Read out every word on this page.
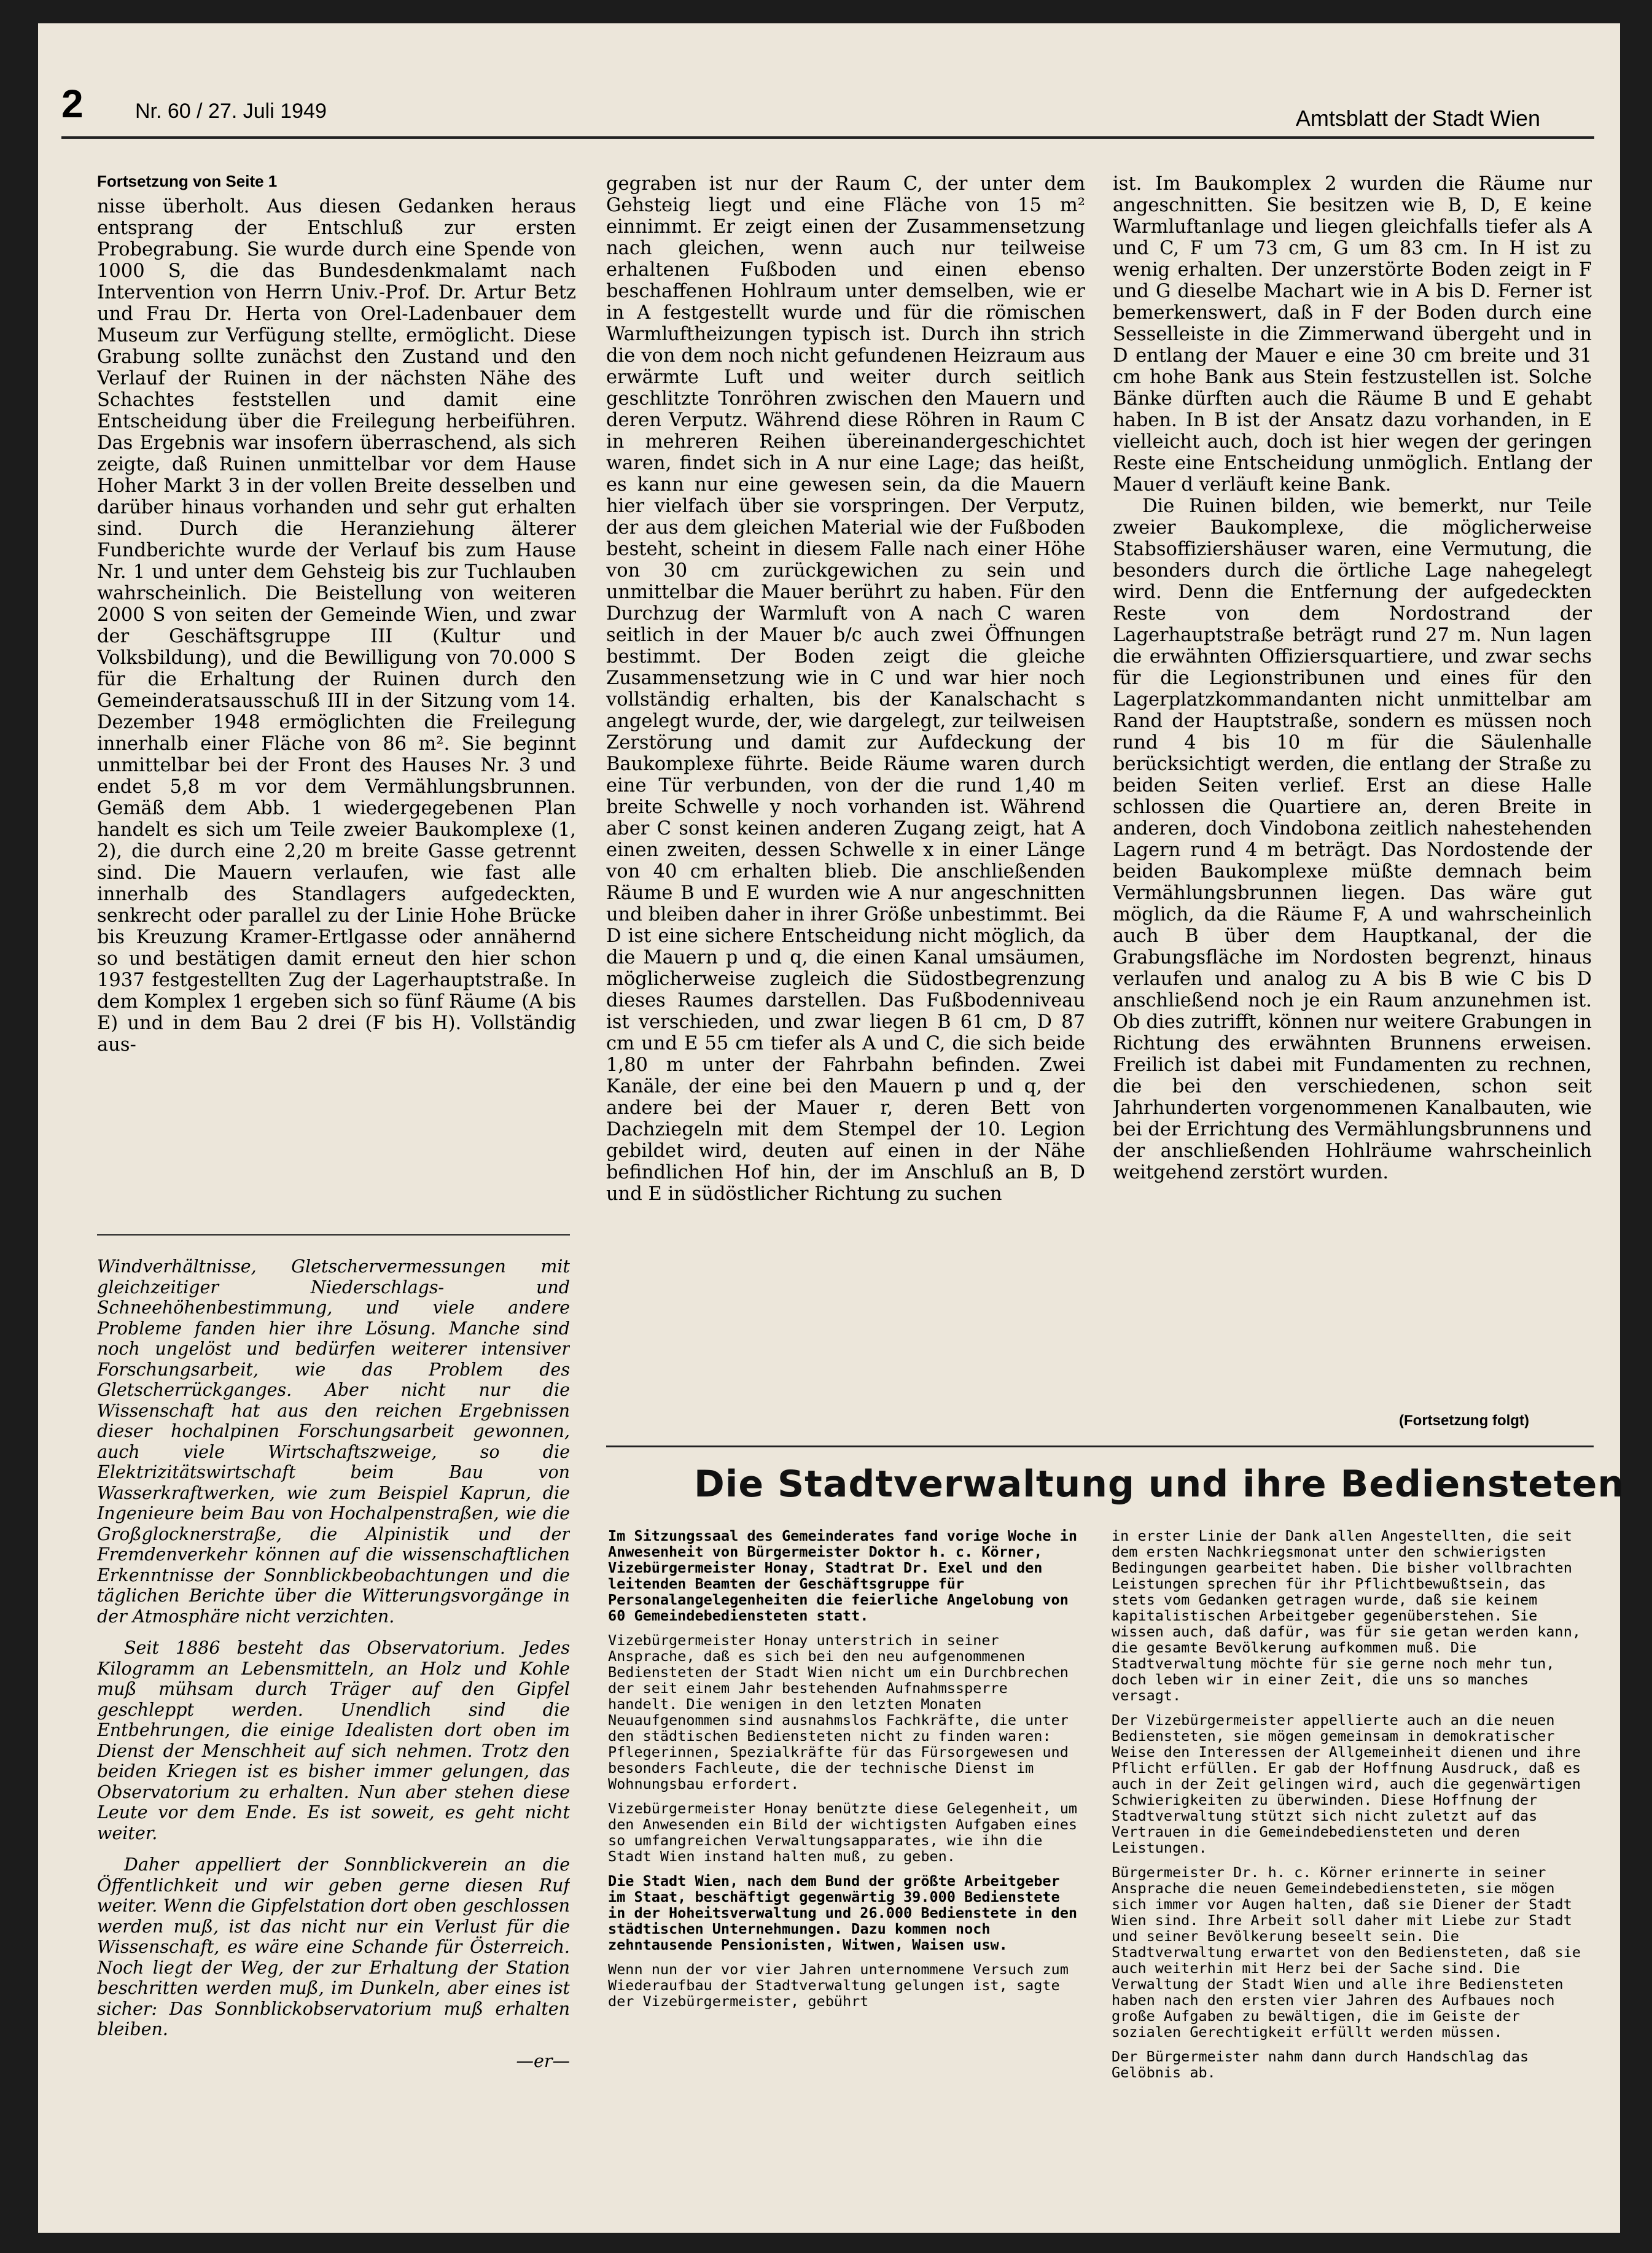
2 Nr. 60 / 27. Juli 1949	Amtsblatt der Stadt Wien
Fortsetzung von Seite 1

nisse überholt. Aus diesen Gedanken heraus entsprang der Entschluß zur ersten Probegrabung. Sie wurde durch eine Spende von 1000 S, die das Bundesdenkmalamt nach Intervention von Herrn Univ.-Prof. Dr. Artur Betz und Frau Dr. Herta von Orel-Ladenbauer dem Museum zur Verfügung stellte, ermöglicht. Diese Grabung sollte zunächst den Zustand und den Verlauf der Ruinen in der nächsten Nähe des Schachtes feststellen und damit eine Entscheidung über die Freilegung herbeiführen. Das Ergebnis war insofern überraschend, als sich zeigte, daß Ruinen unmittelbar vor dem Hause Hoher Markt 3 in der vollen Breite desselben und darüber hinaus vorhanden und sehr gut erhalten sind. Durch die Heranziehung älterer Fundberichte wurde der Verlauf bis zum Hause Nr. 1 und unter dem Gehsteig bis zur Tuchlauben wahrscheinlich. Die Beistellung von weiteren 2000 S von seiten der Gemeinde Wien, und zwar der Geschäftsgruppe III (Kultur und Volksbildung), und die Bewilligung von 70.000 S für die Erhaltung der Ruinen durch den Gemeinderatsausschuß III in der Sitzung vom 14. Dezember 1948 ermöglichten die Freilegung innerhalb einer Fläche von 86 m². Sie beginnt unmittelbar bei der Front des Hauses Nr. 3 und endet 5,8 m vor dem Vermählungsbrunnen. Gemäß dem Abb. 1 wiedergegebenen Plan handelt es sich um Teile zweier Baukomplexe (1, 2), die durch eine 2,20 m breite Gasse getrennt sind. Die Mauern verlaufen, wie fast alle innerhalb des Standlagers aufgedeckten, senkrecht oder parallel zu der Linie Hohe Brücke bis Kreuzung Kramer-Ertlgasse oder annähernd so und bestätigen damit erneut den hier schon 1937 festgestellten Zug der Lagerhauptstraße. In dem Komplex 1 ergeben sich so fünf Räume (A bis E) und in dem Bau 2 drei (F bis H). Vollständig aus-

gegraben ist nur der Raum C, der unter dem Gehsteig liegt und eine Fläche von 15 m² einnimmt. Er zeigt einen der Zusammensetzung nach gleichen, wenn auch nur teilweise erhaltenen Fußboden und einen ebenso beschaffenen Hohlraum unter demselben, wie er in A festgestellt wurde und für die römischen Warmluftheizungen typisch ist. Durch ihn strich die von dem noch nicht gefundenen Heizraum aus erwärmte Luft und weiter durch seitlich geschlitzte Tonröhren zwischen den Mauern und deren Verputz. Während diese Röhren in Raum C in mehreren Reihen übereinandergeschichtet waren, findet sich in A nur eine Lage; das heißt, es kann nur eine gewesen sein, da die Mauern hier vielfach über sie vorspringen. Der Verputz, der aus dem gleichen Material wie der Fußboden besteht, scheint in diesem Falle nach einer Höhe von 30 cm zurückgewichen zu sein und unmittelbar die Mauer berührt zu haben. Für den Durchzug der Warmluft von A nach C waren seitlich in der Mauer b/c auch zwei Öffnungen bestimmt. Der Boden zeigt die gleiche Zusammensetzung wie in C und war hier noch vollständig erhalten, bis der Kanalschacht s angelegt wurde, der, wie dargelegt, zur teilweisen Zerstörung und damit zur Aufdeckung der Baukomplexe führte. Beide Räume waren durch eine Tür verbunden, von der die rund 1,40 m breite Schwelle y noch vorhanden ist. Während aber C sonst keinen anderen Zugang zeigt, hat A einen zweiten, dessen Schwelle x in einer Länge von 40 cm erhalten blieb. Die anschließenden Räume B und E wurden wie A nur angeschnitten und bleiben daher in ihrer Größe unbestimmt. Bei D ist eine sichere Entscheidung nicht möglich, da die Mauern p und q, die einen Kanal umsäumen, möglicherweise zugleich die Südostbegrenzung dieses Raumes darstellen. Das Fußbodenniveau ist verschieden, und zwar liegen B 61 cm, D 87 cm und E 55 cm tiefer als A und C, die sich beide 1,80 m unter der Fahrbahn befinden. Zwei Kanäle, der eine bei den Mauern p und q, der andere bei der Mauer r, deren Bett von Dachziegeln mit dem Stempel der 10. Legion gebildet wird, deuten auf einen in der Nähe befindlichen Hof hin, der im Anschluß an B, D und E in südöstlicher Richtung zu suchen

ist. Im Baukomplex 2 wurden die Räume nur angeschnitten. Sie besitzen wie B, D, E keine Warmluftanlage und liegen gleichfalls tiefer als A und C, F um 73 cm, G um 83 cm. In H ist zu wenig erhalten. Der unzerstörte Boden zeigt in F und G dieselbe Machart wie in A bis D. Ferner ist bemerkenswert, daß in F der Boden durch eine Sesselleiste in die Zimmerwand übergeht und in D entlang der Mauer e eine 30 cm breite und 31 cm hohe Bank aus Stein festzustellen ist. Solche Bänke dürften auch die Räume B und E gehabt haben. In B ist der Ansatz dazu vorhanden, in E vielleicht auch, doch ist hier wegen der geringen Reste eine Entscheidung unmöglich. Entlang der Mauer d verläuft keine Bank.

Die Ruinen bilden, wie bemerkt, nur Teile zweier Baukomplexe, die möglicherweise Stabsoffiziershäuser waren, eine Vermutung, die besonders durch die örtliche Lage nahegelegt wird. Denn die Entfernung der aufgedeckten Reste von dem Nordostrand der Lagerhauptstraße beträgt rund 27 m. Nun lagen die erwähnten Offiziersquartiere, und zwar sechs für die Legionstribunen und eines für den Lagerplatzkommandanten nicht unmittelbar am Rand der Hauptstraße, sondern es müssen noch rund 4 bis 10 m für die Säulenhalle berücksichtigt werden, die entlang der Straße zu beiden Seiten verlief. Erst an diese Halle schlossen die Quartiere an, deren Breite in anderen, doch Vindobona zeitlich nahestehenden Lagern rund 4 m beträgt. Das Nordostende der beiden Baukomplexe müßte demnach beim Vermählungsbrunnen liegen. Das wäre gut möglich, da die Räume F, A und wahrscheinlich auch B über dem Hauptkanal, der die Grabungsfläche im Nordosten begrenzt, hinaus verlaufen und analog zu A bis B wie C bis D anschließend noch je ein Raum anzunehmen ist. Ob dies zutrifft, können nur weitere Grabungen in Richtung des erwähnten Brunnens erweisen. Freilich ist dabei mit Fundamenten zu rechnen, die bei den verschiedenen, schon seit Jahrhunderten vorgenommenen Kanalbauten, wie bei der Errichtung des Vermählungsbrunnens und der anschließenden Hohlräume wahrscheinlich weitgehend zerstört wurden.

(Fortsetzung folgt)

Windverhältnisse, Gletschervermessungen mit gleichzeitiger Niederschlags- und Schneehöhenbestimmung, und viele andere Probleme fanden hier ihre Lösung. Manche sind noch ungelöst und bedürfen weiterer intensiver Forschungsarbeit, wie das Problem des Gletscherrückganges. Aber nicht nur die Wissenschaft hat aus den reichen Ergebnissen dieser hochalpinen Forschungsarbeit gewonnen, auch viele Wirtschaftszweige, so die Elektrizitätswirtschaft beim Bau von Wasserkraftwerken, wie zum Beispiel Kaprun, die Ingenieure beim Bau von Hochalpenstraßen, wie die Großglocknerstraße, die Alpinistik und der Fremdenverkehr können auf die wissenschaftlichen Erkenntnisse der Sonnblickbeobachtungen und die täglichen Berichte über die Witterungsvorgänge in der Atmosphäre nicht verzichten.

Seit 1886 besteht das Observatorium. Jedes Kilogramm an Lebensmitteln, an Holz und Kohle muß mühsam durch Träger auf den Gipfel geschleppt werden. Unendlich sind die Entbehrungen, die einige Idealisten dort oben im Dienst der Menschheit auf sich nehmen. Trotz den beiden Kriegen ist es bisher immer gelungen, das Observatorium zu erhalten. Nun aber stehen diese Leute vor dem Ende. Es ist soweit, es geht nicht weiter.

Daher appelliert der Sonnblickverein an die Öffentlichkeit und wir geben gerne diesen Ruf weiter. Wenn die Gipfelstation dort oben geschlossen werden muß, ist das nicht nur ein Verlust für die Wissenschaft, es wäre eine Schande für Österreich. Noch liegt der Weg, der zur Erhaltung der Station beschritten werden muß, im Dunkeln, aber eines ist sicher: Das Sonnblickobservatorium muß erhalten bleiben.

—er—
Die Stadtverwaltung und ihre Bediensteten

Im Sitzungssaal des Gemeinderates fand vorige Woche in Anwesenheit von Bürgermeister Doktor h. c. Körner, Vizebürgermeister Honay, Stadtrat Dr. Exel und den leitenden Beamten der Geschäftsgruppe für Personalangelegenheiten die feierliche Angelobung von 60 Gemeindebediensteten statt.

Vizebürgermeister Honay unterstrich in seiner Ansprache, daß es sich bei den neu aufgenommenen Bediensteten der Stadt Wien nicht um ein Durchbrechen der seit einem Jahr bestehenden Aufnahmssperre handelt. Die wenigen in den letzten Monaten Neuaufgenommen sind ausnahmslos Fachkräfte, die unter den städtischen Bediensteten nicht zu finden waren: Pflegerinnen, Spezialkräfte für das Fürsorgewesen und besonders Fachleute, die der technische Dienst im Wohnungsbau erfordert.

Vizebürgermeister Honay benützte diese Gelegenheit, um den Anwesenden ein Bild der wichtigsten Aufgaben eines so umfangreichen Verwaltungsapparates, wie ihn die Stadt Wien instand halten muß, zu geben.

Die Stadt Wien, nach dem Bund der größte Arbeitgeber im Staat, beschäftigt gegenwärtig 39.000 Bedienstete in der Hoheitsverwaltung und 26.000 Bedienstete in den städtischen Unternehmungen. Dazu kommen noch zehntausende Pensionisten, Witwen, Waisen usw.

Wenn nun der vor vier Jahren unternommene Versuch zum Wiederaufbau der Stadtverwaltung gelungen ist, sagte der Vizebürgermeister, gebührt

in erster Linie der Dank allen Angestellten, die seit dem ersten Nachkriegsmonat unter den schwierigsten Bedingungen gearbeitet haben. Die bisher vollbrachten Leistungen sprechen für ihr Pflichtbewußtsein, das stets vom Gedanken getragen wurde, daß sie keinem kapitalistischen Arbeitgeber gegenüberstehen. Sie wissen auch, daß dafür, was für sie getan werden kann, die gesamte Bevölkerung aufkommen muß. Die Stadtverwaltung möchte für sie gerne noch mehr tun, doch leben wir in einer Zeit, die uns so manches versagt.

Der Vizebürgermeister appellierte auch an die neuen Bediensteten, sie mögen gemeinsam in demokratischer Weise den Interessen der Allgemeinheit dienen und ihre Pflicht erfüllen. Er gab der Hoffnung Ausdruck, daß es auch in der Zeit gelingen wird, auch die gegenwärtigen Schwierigkeiten zu überwinden. Diese Hoffnung der Stadtverwaltung stützt sich nicht zuletzt auf das Vertrauen in die Gemeindebediensteten und deren Leistungen.

Bürgermeister Dr. h. c. Körner erinnerte in seiner Ansprache die neuen Gemeindebediensteten, sie mögen sich immer vor Augen halten, daß sie Diener der Stadt Wien sind. Ihre Arbeit soll daher mit Liebe zur Stadt und seiner Bevölkerung beseelt sein. Die Stadtverwaltung erwartet von den Bediensteten, daß sie auch weiterhin mit Herz bei der Sache sind. Die Verwaltung der Stadt Wien und alle ihre Bediensteten haben nach den ersten vier Jahren des Aufbaues noch große Aufgaben zu bewältigen, die im Geiste der sozialen Gerechtigkeit erfüllt werden müssen.

Der Bürgermeister nahm dann durch Handschlag das Gelöbnis ab.
